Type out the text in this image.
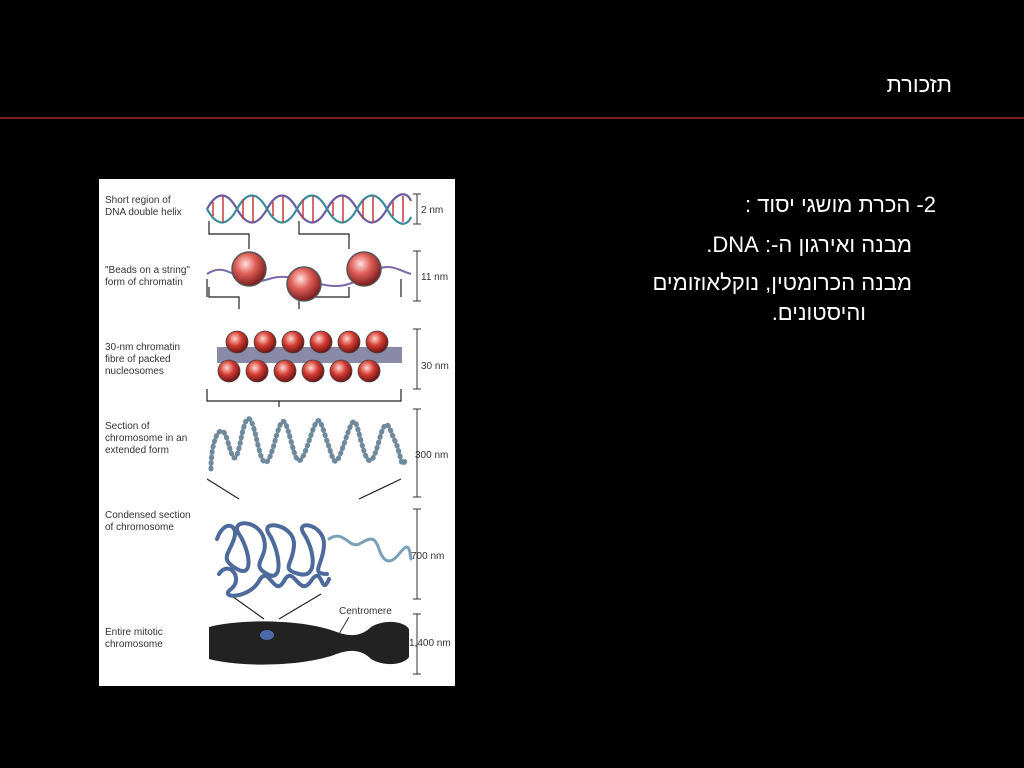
תזכורת
2- הכרת מושגי יסוד :
מבנה ואירגון ה-: DNA.
מבנה הכרומטין, נוקלאוזומים
והיסטונים.
Short region of
DNA double helix
"Beads on a string"
form of chromatin
30-nm chromatin
fibre of packed
nucleosomes
Section of
chromosome in an
extended form
Condensed section
of chromosome
Entire mitotic
chromosome
2 nm
11 nm
30 nm
300 nm
700 nm
1,400 nm
Centromere
